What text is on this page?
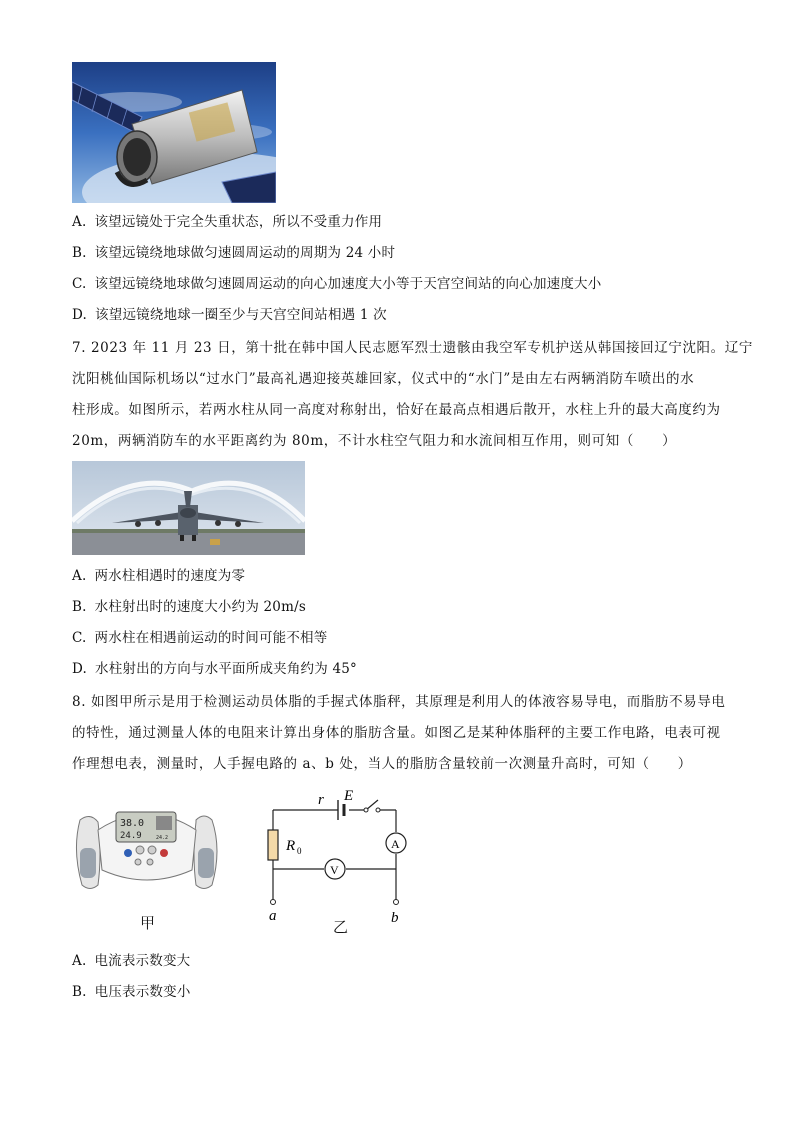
A. 该望远镜处于完全失重状态，所以不受重力作用
B. 该望远镜绕地球做匀速圆周运动的周期为 24 小时
C. 该望远镜绕地球做匀速圆周运动的向心加速度大小等于天宫空间站的向心加速度大小
D. 该望远镜绕地球一圈至少与天宫空间站相遇 1 次
7. 2023 年 11 月 23 日，第十批在韩中国人民志愿军烈士遗骸由我空军专机护送从韩国接回辽宁沈阳。辽宁
沈阳桃仙国际机场以“过水门”最高礼遇迎接英雄回家，仪式中的“水门”是由左右两辆消防车喷出的水
柱形成。如图所示，若两水柱从同一高度对称射出，恰好在最高点相遇后散开，水柱上升的最大高度约为
20m，两辆消防车的水平距离约为 80m，不计水柱空气阻力和水流间相互作用，则可知（　　）
A. 两水柱相遇时的速度为零
B. 水柱射出时的速度大小约为 20m/s
C. 两水柱在相遇前运动的时间可能不相等
D. 水柱射出的方向与水平面所成夹角约为 45°
8. 如图甲所示是用于检测运动员体脂的手握式体脂秤，其原理是利用人的体液容易导电，而脂肪不易导电
的特性，通过测量人体的电阻来计算出身体的脂肪含量。如图乙是某种体脂秤的主要工作电路，电表可视
作理想电表，测量时，人手握电路的 a、b 处，当人的脂肪含量较前一次测量升高时，可知（　　）
38.0
24.9	24.2
甲
r E
R 0	A
V
a	b
乙
A. 电流表示数变大
B. 电压表示数变小
